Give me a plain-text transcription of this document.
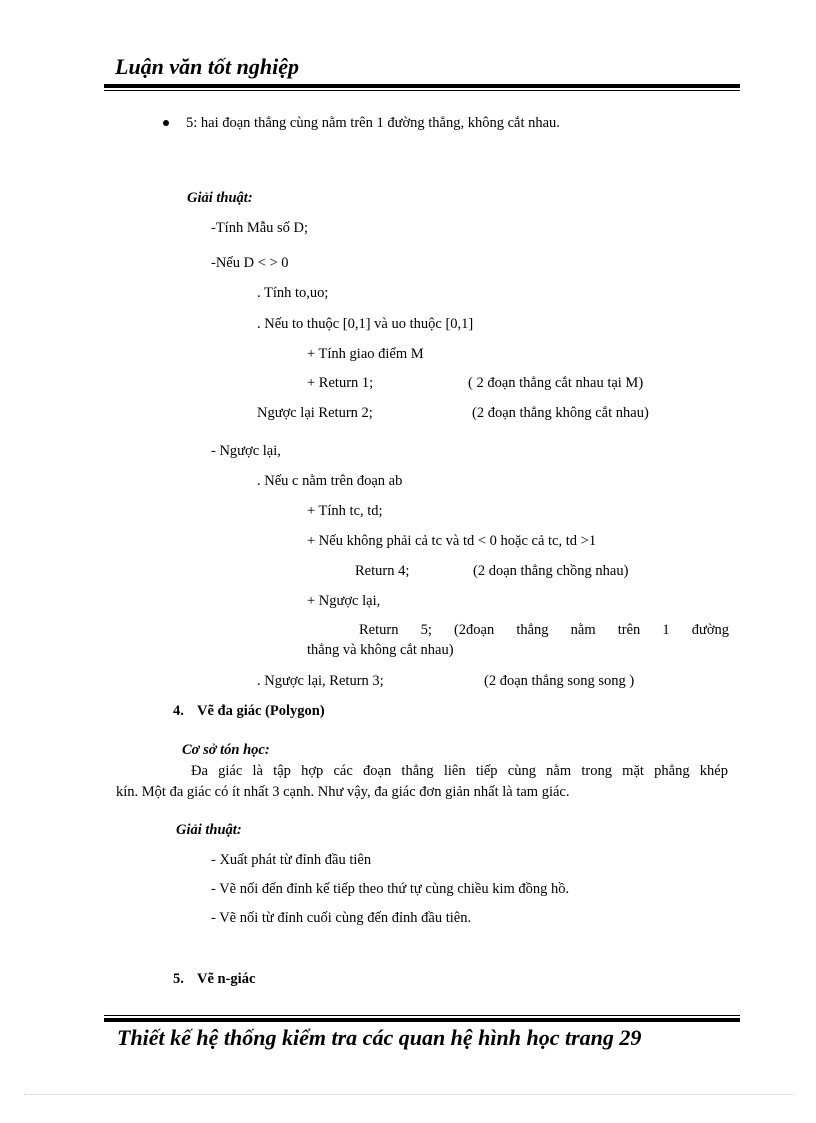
Luận văn tốt nghiệp
5: hai đoạn thẳng cùng nằm trên 1 đường thẳng, không cắt nhau.
Giải thuật:
-Tính Mẫu số D;
-Nếu D < > 0
. Tính to,uo;
. Nếu to thuộc [0,1] và uo thuộc [0,1]
+ Tính giao điểm M
+ Return 1;	( 2 đoạn thẳng cắt nhau tại M)
Ngược lại Return 2;	(2 đoạn thẳng không cắt nhau)
- Ngược lại,
. Nếu c nằm trên đoạn ab
+ Tính tc, td;
+ Nếu không phải cả tc và td < 0 hoặc cả tc, td >1
Return 4;	(2 doạn thẳng chồng nhau)
+ Ngược lại,
Return 5; (2đoạn thẳng nằm trên 1 đường
thẳng và không cắt nhau)
. Ngược lại, Return 3;	(2 đoạn thẳng song song )
4. Vẽ đa giác (Polygon)
Cơ sở tón học:
Đa giác là tập hợp các đoạn thẳng liên tiếp cùng nằm trong mặt phẳng khép
kín. Một đa giác có ít nhất 3 cạnh. Như vậy, đa giác đơn giản nhất là tam giác.
Giải thuật:
- Xuất phát từ đỉnh đầu tiên
- Vẽ nối đến đỉnh kế tiếp theo thứ tự cùng chiều kim đồng hồ.
- Vẽ nối từ đỉnh cuối cùng đến đỉnh đầu tiên.
5. Vẽ n-giác
Thiết kế hệ thống kiểm tra các quan hệ hình học trang 29
